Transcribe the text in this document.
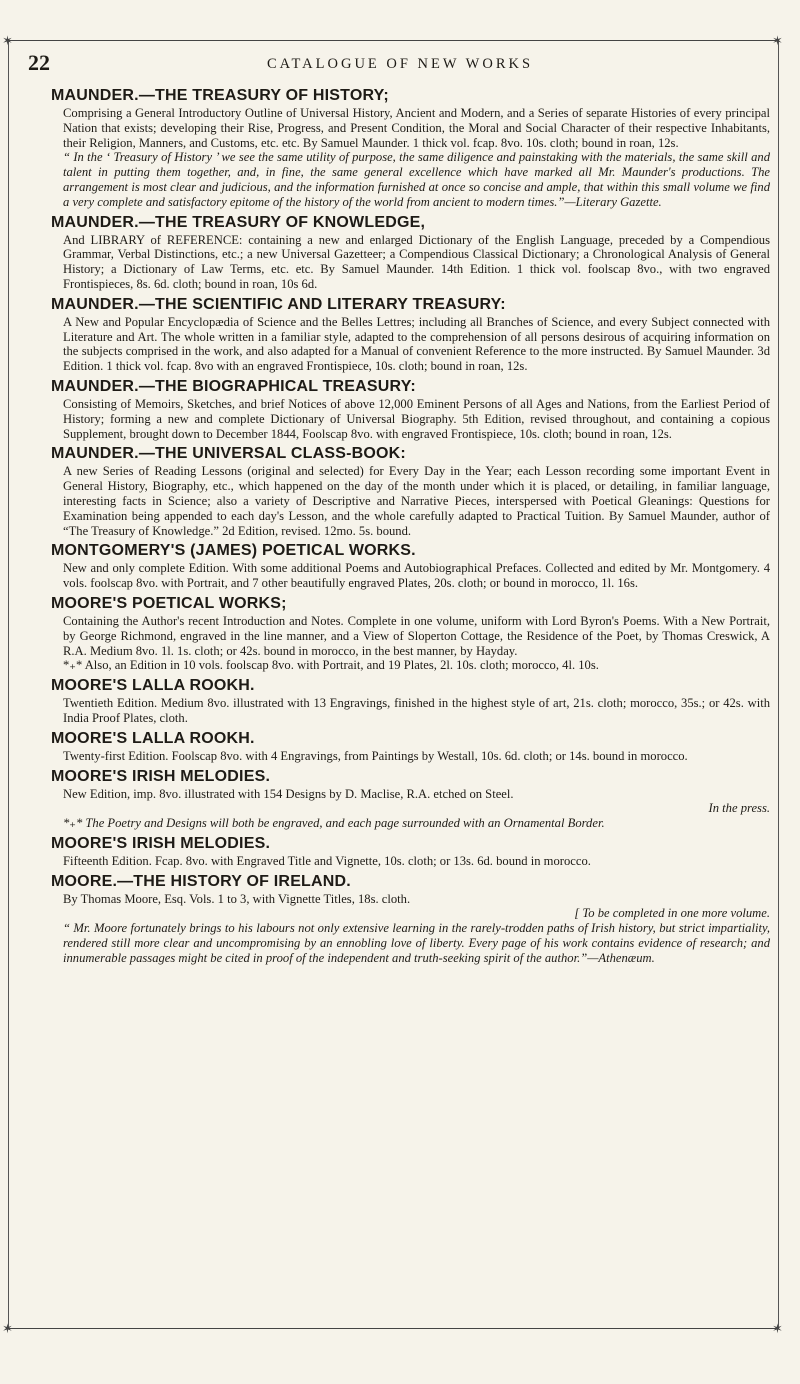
✶	✶
✶	✶
22	CATALOGUE OF NEW WORKS
MAUNDER.—THE TREASURY OF HISTORY;

Comprising a General Introductory Outline of Universal History, Ancient and Modern, and a Series of separate Histories of every principal Nation that exists; developing their Rise, Progress, and Present Condition, the Moral and Social Character of their respective Inhabitants, their Religion, Manners, and Customs, etc. etc. By Samuel Maunder. 1 thick vol. fcap. 8vo. 10s. cloth; bound in roan, 12s.

“ In the ‘ Treasury of History ’ we see the same utility of purpose, the same diligence and painstaking with the materials, the same skill and talent in putting them together, and, in fine, the same general excellence which have marked all Mr. Maunder's productions. The arrangement is most clear and judicious, and the information furnished at once so concise and ample, that within this small volume we find a very complete and satisfactory epitome of the history of the world from ancient to modern times.”—Literary Gazette.

MAUNDER.—THE TREASURY OF KNOWLEDGE,

And LIBRARY of REFERENCE: containing a new and enlarged Dictionary of the English Language, preceded by a Compendious Grammar, Verbal Distinctions, etc.; a new Universal Gazetteer; a Compendious Classical Dictionary; a Chronological Analysis of General History; a Dictionary of Law Terms, etc. etc. By Samuel Maunder. 14th Edition. 1 thick vol. foolscap 8vo., with two engraved Frontispieces, 8s. 6d. cloth; bound in roan, 10s 6d.

MAUNDER.—THE SCIENTIFIC AND LITERARY TREASURY:

A New and Popular Encyclopædia of Science and the Belles Lettres; including all Branches of Science, and every Subject connected with Literature and Art. The whole written in a familiar style, adapted to the comprehension of all persons desirous of acquiring information on the subjects comprised in the work, and also adapted for a Manual of convenient Reference to the more instructed. By Samuel Maunder. 3d Edition. 1 thick vol. fcap. 8vo with an engraved Frontispiece, 10s. cloth; bound in roan, 12s.

MAUNDER.—THE BIOGRAPHICAL TREASURY:

Consisting of Memoirs, Sketches, and brief Notices of above 12,000 Eminent Persons of all Ages and Nations, from the Earliest Period of History; forming a new and complete Dictionary of Universal Biography. 5th Edition, revised throughout, and containing a copious Supplement, brought down to December 1844, Foolscap 8vo. with engraved Frontispiece, 10s. cloth; bound in roan, 12s.

MAUNDER.—THE UNIVERSAL CLASS-BOOK:

A new Series of Reading Lessons (original and selected) for Every Day in the Year; each Lesson recording some important Event in General History, Biography, etc., which happened on the day of the month under which it is placed, or detailing, in familiar language, interesting facts in Science; also a variety of Descriptive and Narrative Pieces, interspersed with Poetical Gleanings: Questions for Examination being appended to each day's Lesson, and the whole carefully adapted to Practical Tuition. By Samuel Maunder, author of “The Treasury of Knowledge.” 2d Edition, revised. 12mo. 5s. bound.

MONTGOMERY'S (JAMES) POETICAL WORKS.

New and only complete Edition. With some additional Poems and Autobiographical Prefaces. Collected and edited by Mr. Montgomery. 4 vols. foolscap 8vo. with Portrait, and 7 other beautifully engraved Plates, 20s. cloth; or bound in morocco, 1l. 16s.

MOORE'S POETICAL WORKS;

Containing the Author's recent Introduction and Notes. Complete in one volume, uniform with Lord Byron's Poems. With a New Portrait, by George Richmond, engraved in the line manner, and a View of Sloperton Cottage, the Residence of the Poet, by Thomas Creswick, A R.A. Medium 8vo. 1l. 1s. cloth; or 42s. bound in morocco, in the best manner, by Hayday.

*₊* Also, an Edition in 10 vols. foolscap 8vo. with Portrait, and 19 Plates, 2l. 10s. cloth; morocco, 4l. 10s.

MOORE'S LALLA ROOKH.

Twentieth Edition. Medium 8vo. illustrated with 13 Engravings, finished in the highest style of art, 21s. cloth; morocco, 35s.; or 42s. with India Proof Plates, cloth.

MOORE'S LALLA ROOKH.

Twenty-first Edition. Foolscap 8vo. with 4 Engravings, from Paintings by Westall, 10s. 6d. cloth; or 14s. bound in morocco.

MOORE'S IRISH MELODIES.

New Edition, imp. 8vo. illustrated with 154 Designs by D. Maclise, R.A. etched on Steel.

In the press.

*₊* The Poetry and Designs will both be engraved, and each page surrounded with an Ornamental Border.

MOORE'S IRISH MELODIES.

Fifteenth Edition. Fcap. 8vo. with Engraved Title and Vignette, 10s. cloth; or 13s. 6d. bound in morocco.

MOORE.—THE HISTORY OF IRELAND.

By Thomas Moore, Esq. Vols. 1 to 3, with Vignette Titles, 18s. cloth.

[ To be completed in one more volume.

“ Mr. Moore fortunately brings to his labours not only extensive learning in the rarely-trodden paths of Irish history, but strict impartiality, rendered still more clear and uncompromising by an ennobling love of liberty. Every page of his work contains evidence of research; and innumerable passages might be cited in proof of the independent and truth-seeking spirit of the author.”—Athenæum.
